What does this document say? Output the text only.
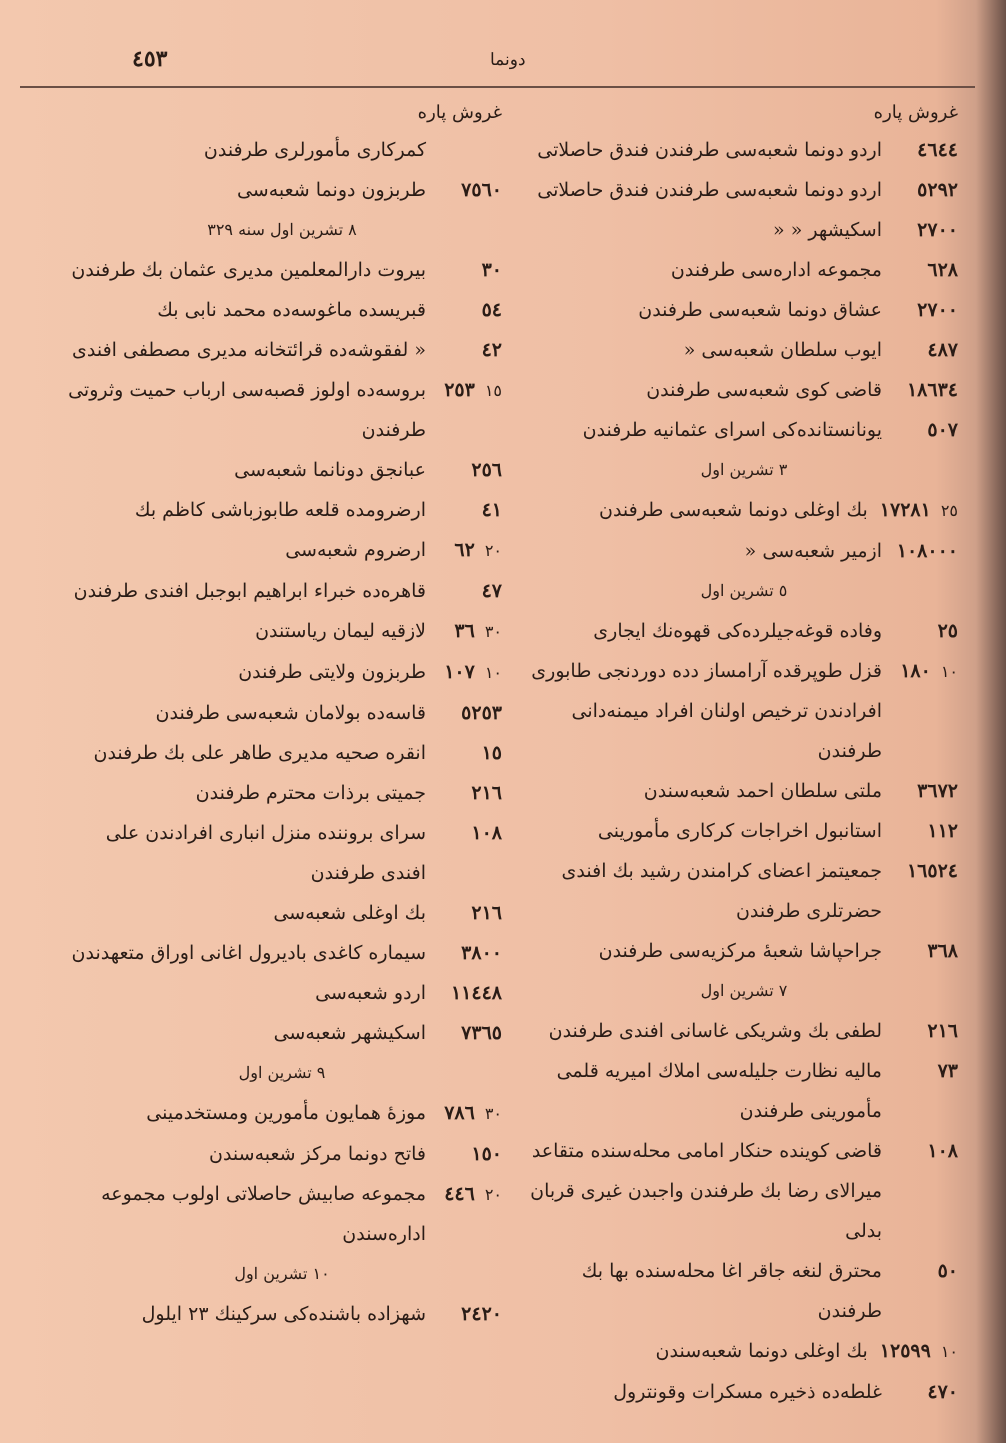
٤٥٣	دونما
غروش پاره
٤٦٤٤
اردو دونما شعبه‌سی طرفندن فندق حاصلاتی
٥٢٩٢
اردو دونما شعبه‌سی طرفندن فندق حاصلاتی
٢٧٠٠
اسکیشهر « «
٦٢٨
مجموعه اداره‌سی طرفندن
٢٧٠٠
عشاق دونما شعبه‌سی طرفندن
٤٨٧
ایوب سلطان شعبه‌سی «
١٨٦٣٤
قاضی کوی شعبه‌سی طرفندن
٥٠٧
یونانستانده‌کی اسرای عثمانیه طرفندن
٣ تشرین اول
١٧٢٨١ ٢٥
بك اوغلی دونما شعبه‌سی طرفندن
١٠٨٠٠٠
ازمیر شعبه‌سی «
٥ تشرین اول
٢٥
وفاده قوغه‌جیلرده‌کی قهوه‌نك ایجاری
١٨٠ ١٠
قزل طوپرقده آرامساز دده دوردنجی طابوری افرادندن ترخیص اولنان افراد میمنه‌دانی طرفندن
٣٦٧٢
ملتی سلطان احمد شعبه‌سندن
١١٢
استانبول اخراجات کرکاری مأمورینی
١٦٥٢٤
جمعیتمز اعضای کرامندن رشید بك افندی حضرتلری طرفندن
٣٦٨
جراحپاشا شعبۀ مرکزیه‌سی طرفندن
٧ تشرین اول
٢١٦
لطفی بك وشریکی غاسانی افندی طرفندن
٧٣
مالیه نظارت جلیله‌سی املاك امیریه قلمی مأمورینی طرفندن
١٠٨
قاضی کوینده حنکار امامی محله‌سنده متقاعد میرالای رضا بك طرفندن واجبدن غیری قربان بدلی
٥٠
محترق لنغه جاقر اغا محله‌سنده بها بك طرفندن
١٢٥٩٩ ١٠
بك اوغلی دونما شعبه‌سندن
٤٧٠
غلطه‌ده ذخیره مسکرات وقونترول
غروش پاره
کمرکاری مأمورلری طرفندن
٧٥٦٠
طربزون دونما شعبه‌سی
٨ تشرین اول سنه ٣٢٩
٣٠
بیروت دارالمعلمین مدیری عثمان بك طرفندن
٥٤
قبریسده ماغوسه‌ده محمد نابی بك
٤٢
« لفقوشه‌ده قرائتخانه مدیری مصطفی افندی
٢٥٣ ١٥
بروسه‌ده اولوز قصبه‌سی ارباب حمیت وثروتی طرفندن
٢٥٦
عبانجق دونانما شعبه‌سی
٤١
ارضرومده قلعه طابوزباشی کاظم بك
٦٢ ٢٠
ارضروم شعبه‌سی
٤٧
قاهره‌ده خبراء ابراهیم ابوجبل افندی طرفندن
٣٦ ٣٠
لازقیه لیمان ریاستندن
١٠٧ ١٠
طربزون ولایتی طرفندن
٥٢٥٣
قاسه‌ده بولامان شعبه‌سی طرفندن
١٥
انقره صحیه مدیری طاهر علی بك طرفندن
٢١٦
جمیتی برذات محترم طرفندن
١٠٨
سرای بروننده منزل انباری افرادندن علی افندی طرفندن
٢١٦
بك اوغلی شعبه‌سی
٣٨٠٠
سیماره کاغدی بادیرول اغانی اوراق متعهدندن
١١٤٤٨
اردو شعبه‌سی
٧٣٦٥
اسکیشهر شعبه‌سی
٩ تشرین اول
٧٨٦ ٣٠
موزۀ همایون مأمورین ومستخدمینی
١٥٠
فاتح دونما مرکز شعبه‌سندن
٤٤٦ ٢٠
مجموعه صابیش حاصلاتی اولوب مجموعه اداره‌سندن
١٠ تشرین اول
٢٤٢٠
شهزاده باشنده‌کی سرکینك ٢٣ ایلول
